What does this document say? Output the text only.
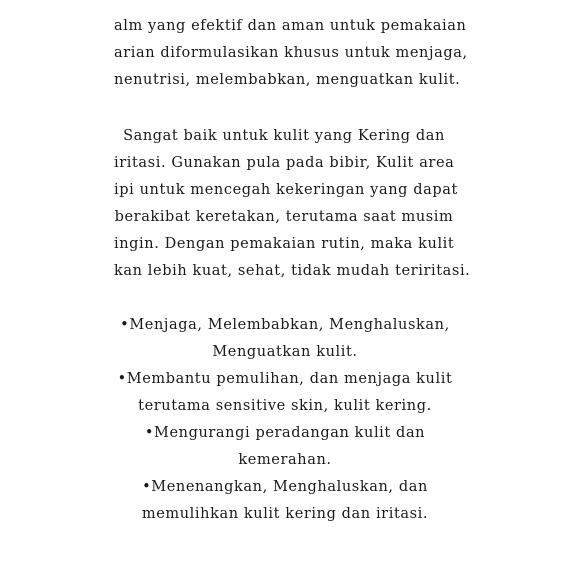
alm yang efektif dan aman untuk pemakaian
arian diformulasikan khusus untuk menjaga,
nenutrisi, melembabkan, menguatkan kulit.
Sangat baik untuk kulit yang Kering dan
iritasi. Gunakan pula pada bibir, Kulit area
ipi untuk mencegah kekeringan yang dapat
berakibat keretakan, terutama saat musim
ingin. Dengan pemakaian rutin, maka kulit
kan lebih kuat, sehat, tidak mudah teriritasi.
•Menjaga, Melembabkan, Menghaluskan,
Menguatkan kulit.
•Membantu pemulihan, dan menjaga kulit
terutama sensitive skin, kulit kering.
•Mengurangi peradangan kulit dan
kemerahan.
•Menenangkan, Menghaluskan, dan
memulihkan kulit kering dan iritasi.
